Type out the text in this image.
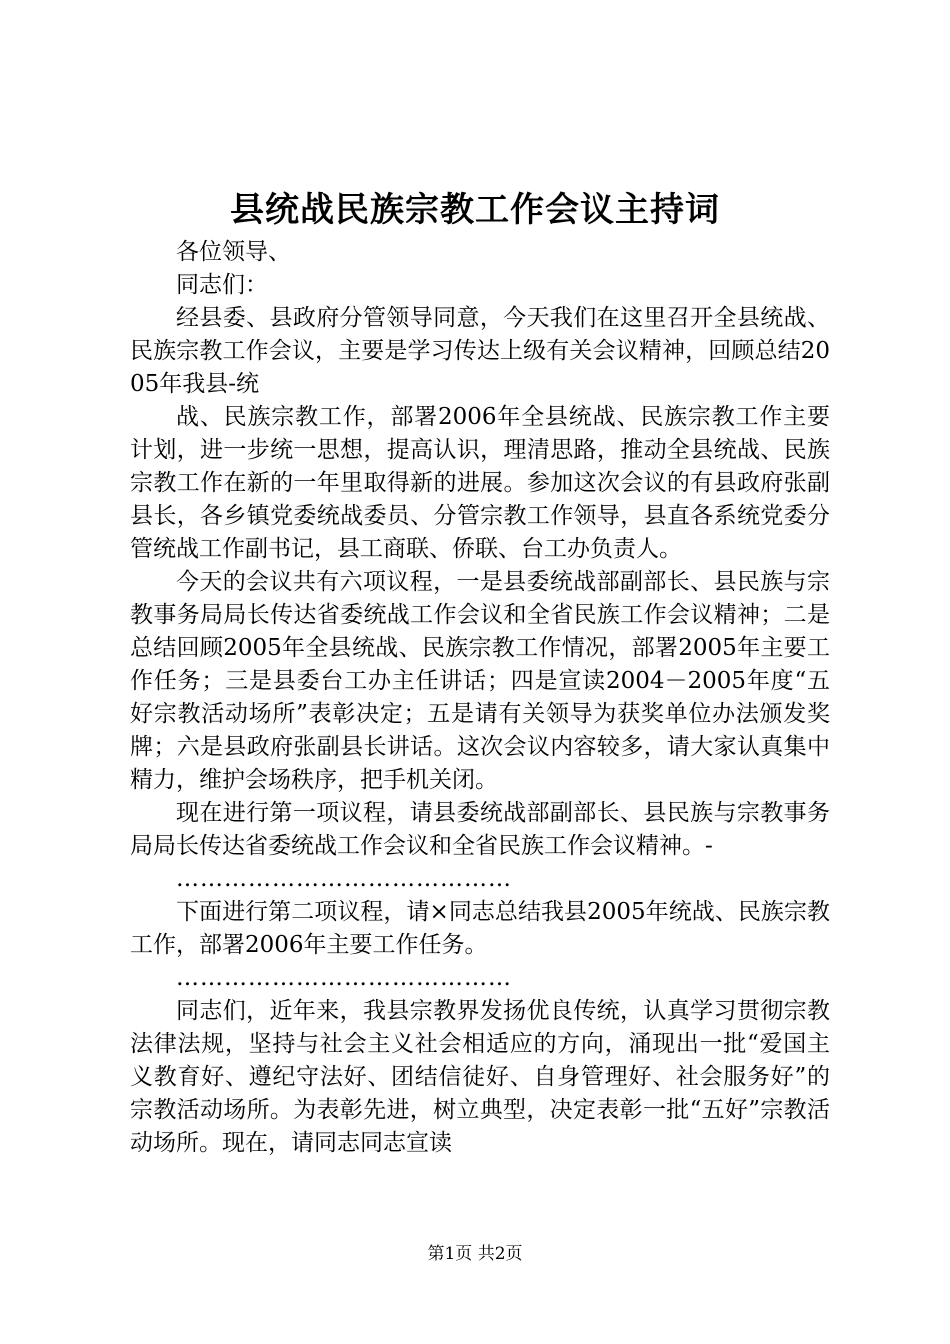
县统战民族宗教工作会议主持词

各位领导、

同志们：

经县委、县政府分管领导同意，今天我们在这里召开全县统战、民族宗教工作会议，主要是学习传达上级有关会议精神，回顾总结2005年我县-统

战、民族宗教工作，部署2006年全县统战、民族宗教工作主要计划，进一步统一思想，提高认识，理清思路，推动全县统战、民族宗教工作在新的一年里取得新的进展。参加这次会议的有县政府张副县长，各乡镇党委统战委员、分管宗教工作领导，县直各系统党委分管统战工作副书记，县工商联、侨联、台工办负责人。

今天的会议共有六项议程，一是县委统战部副部长、县民族与宗教事务局局长传达省委统战工作会议和全省民族工作会议精神；二是总结回顾2005年全县统战、民族宗教工作情况，部署2005年主要工作任务；三是县委台工办主任讲话；四是宣读2004－2005年度“五好宗教活动场所”表彰决定；五是请有关领导为获奖单位办法颁发奖牌；六是县政府张副县长讲话。这次会议内容较多，请大家认真集中精力，维护会场秩序，把手机关闭。

现在进行第一项议程，请县委统战部副部长、县民族与宗教事务局局长传达省委统战工作会议和全省民族工作会议精神。-

……………………………………

下面进行第二项议程，请×同志总结我县2005年统战、民族宗教工作，部署2006年主要工作任务。

……………………………………

同志们，近年来，我县宗教界发扬优良传统，认真学习贯彻宗教法律法规，坚持与社会主义社会相适应的方向，涌现出一批“爱国主义教育好、遵纪守法好、团结信徒好、自身管理好、社会服务好”的宗教活动场所。为表彰先进，树立典型，决定表彰一批“五好”宗教活动场所。现在，请同志同志宣读

第1页 共2页
